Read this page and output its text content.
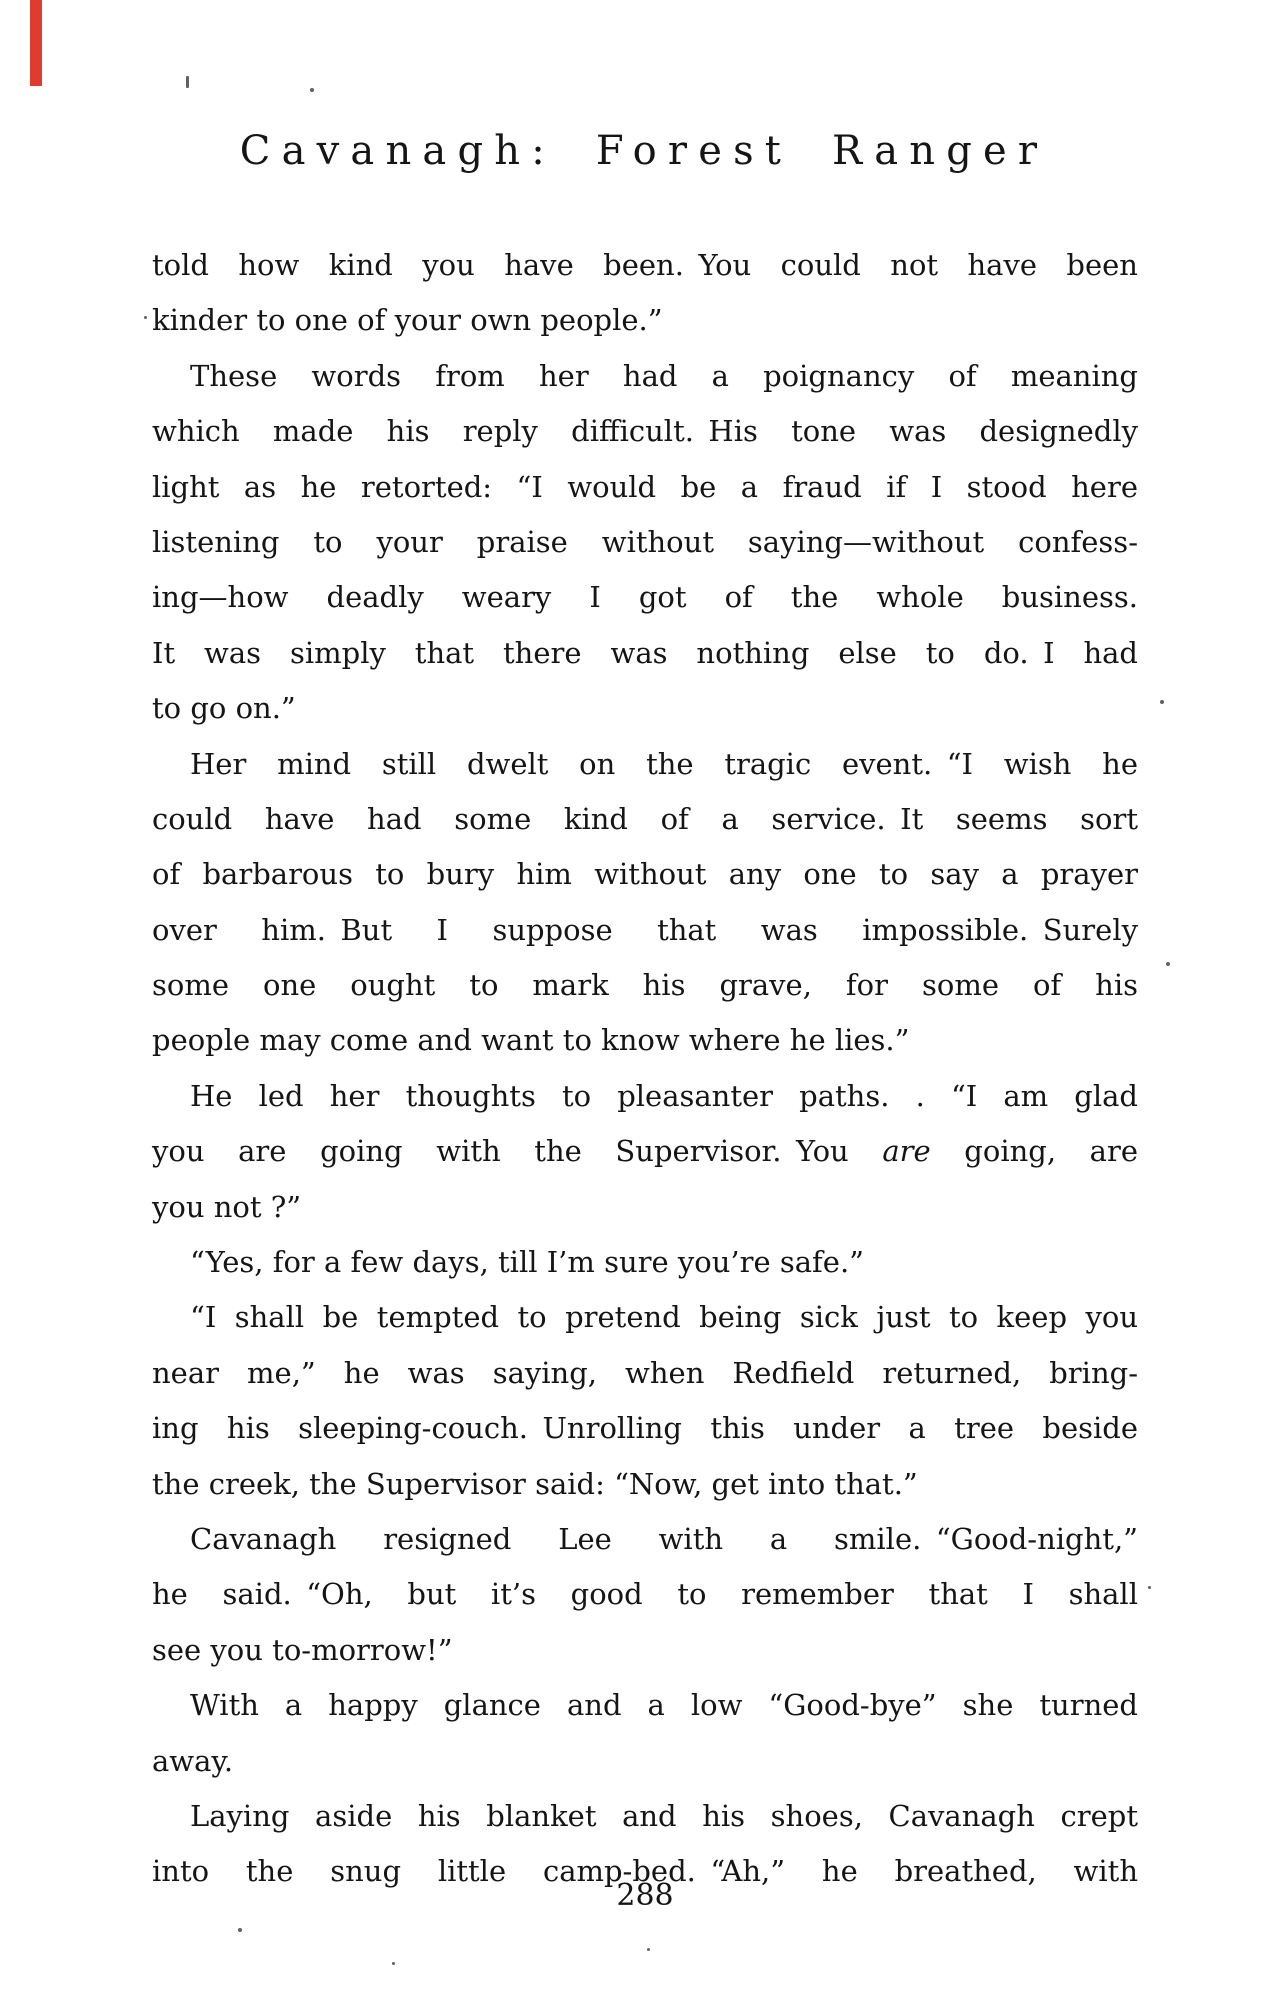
Cavanagh: Forest Ranger
told how kind you have been. You could not have been
kinder to one of your own people.”
These words from her had a poignancy of meaning
which made his reply difficult. His tone was designedly
light as he retorted: “I would be a fraud if I stood here
listening to your praise without saying—without confess-
ing—how deadly weary I got of the whole business.
It was simply that there was nothing else to do. I had
to go on.”
Her mind still dwelt on the tragic event. “I wish he
could have had some kind of a service. It seems sort
of barbarous to bury him without any one to say a prayer
over him. But I suppose that was impossible. Surely
some one ought to mark his grave, for some of his
people may come and want to know where he lies.”
He led her thoughts to pleasanter paths. . “I am glad
you are going with the Supervisor. You are going, are
you not ?”
“Yes, for a few days, till I’m sure you’re safe.”
“I shall be tempted to pretend being sick just to keep you
near me,” he was saying, when Redfield returned, bring-
ing his sleeping-couch. Unrolling this under a tree beside
the creek, the Supervisor said: “Now, get into that.”
Cavanagh resigned Lee with a smile. “Good-night,”
he said. “Oh, but it’s good to remember that I shall
see you to-morrow!”
With a happy glance and a low “Good-bye” she turned
away.
Laying aside his blanket and his shoes, Cavanagh crept
into the snug little camp-bed. “Ah,” he breathed, with
288
